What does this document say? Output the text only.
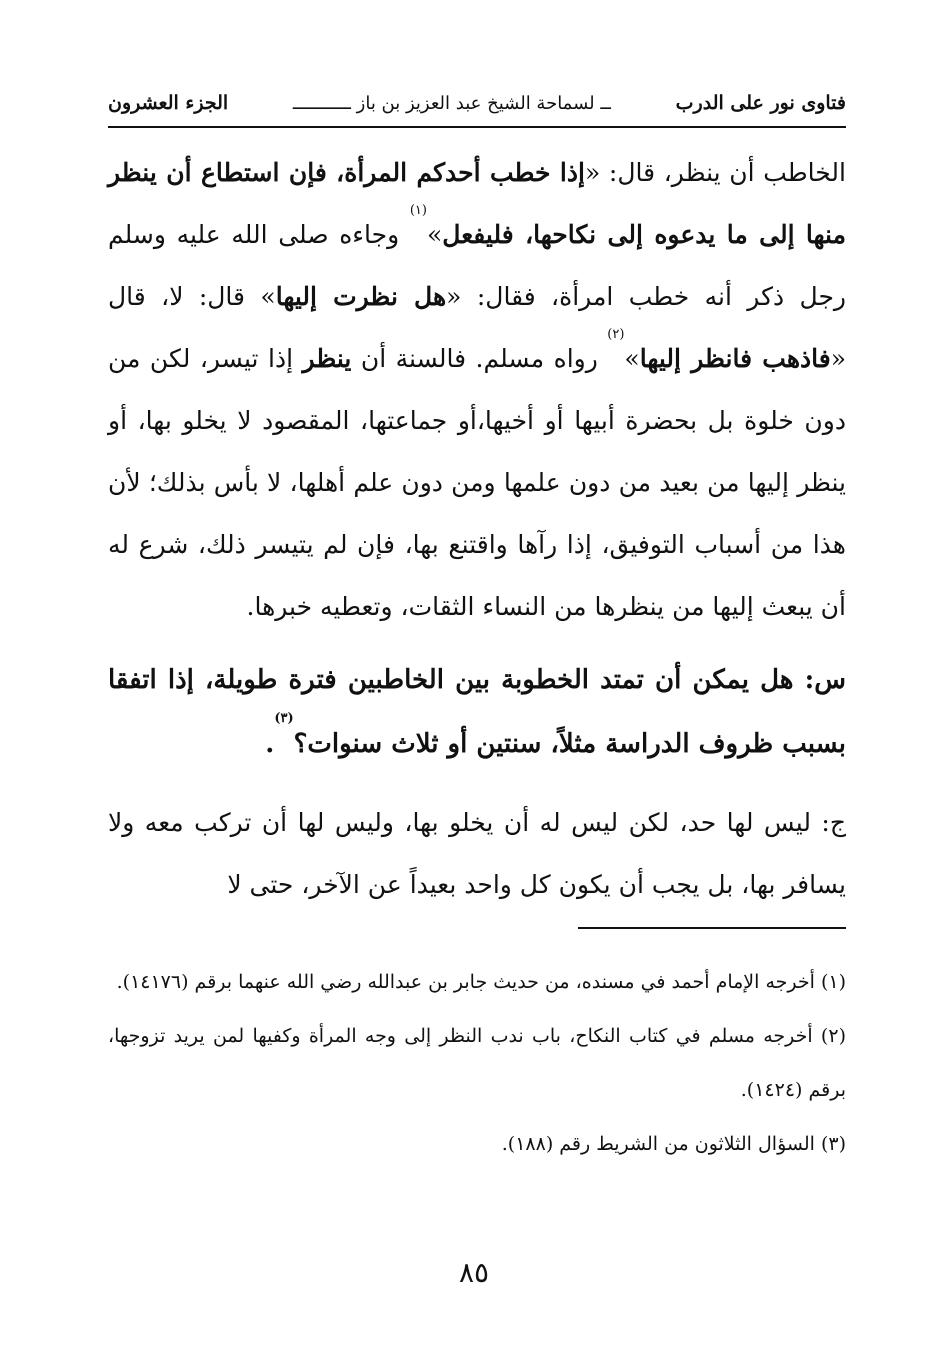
فتاوى نور على الدرب
ــ لسماحة الشيخ عبد العزيز بن باز ـــــــــــ
الجزء العشرون

الخاطب أن ينظر، قال: «إذا خطب أحدكم المرأة، فإن استطاع أن ينظر منها إلى ما يدعوه إلى نكاحها، فليفعل»$^{(١)}$ وجاءه صلى الله عليه وسلم رجل ذكر أنه خطب امرأة، فقال: «هل نظرت إليها» قال: لا، قال «فاذهب فانظر إليها»$^{(٢)}$ رواه مسلم. فالسنة أن ينظر إذا تيسر، لكن من دون خلوة بل بحضرة أبيها أو أخيها،أو جماعتها، المقصود لا يخلو بها، أو ينظر إليها من بعيد من دون علمها ومن دون علم أهلها، لا بأس بذلك؛ لأن هذا من أسباب التوفيق، إذا رآها واقتنع بها، فإن لم يتيسر ذلك، شرع له أن يبعث إليها من ينظرها من النساء الثقات، وتعطيه خبرها.

س: هل يمكن أن تمتد الخطوبة بين الخاطبين فترة طويلة، إذا اتفقا بسبب ظروف الدراسة مثلاً، سنتين أو ثلاث سنوات؟$^{(٣)}$.

ج: ليس لها حد، لكن ليس له أن يخلو بها، وليس لها أن تركب معه ولا يسافر بها، بل يجب أن يكون كل واحد بعيداً عن الآخر، حتى لا

(١) أخرجه الإمام أحمد في مسنده، من حديث جابر بن عبدالله رضي الله عنهما برقم (١٤١٧٦).

(٢) أخرجه مسلم في كتاب النكاح، باب ندب النظر إلى وجه المرأة وكفيها لمن يريد تزوجها، برقم (١٤٢٤).

(٣) السؤال الثلاثون من الشريط رقم (١٨٨).

٨٥
